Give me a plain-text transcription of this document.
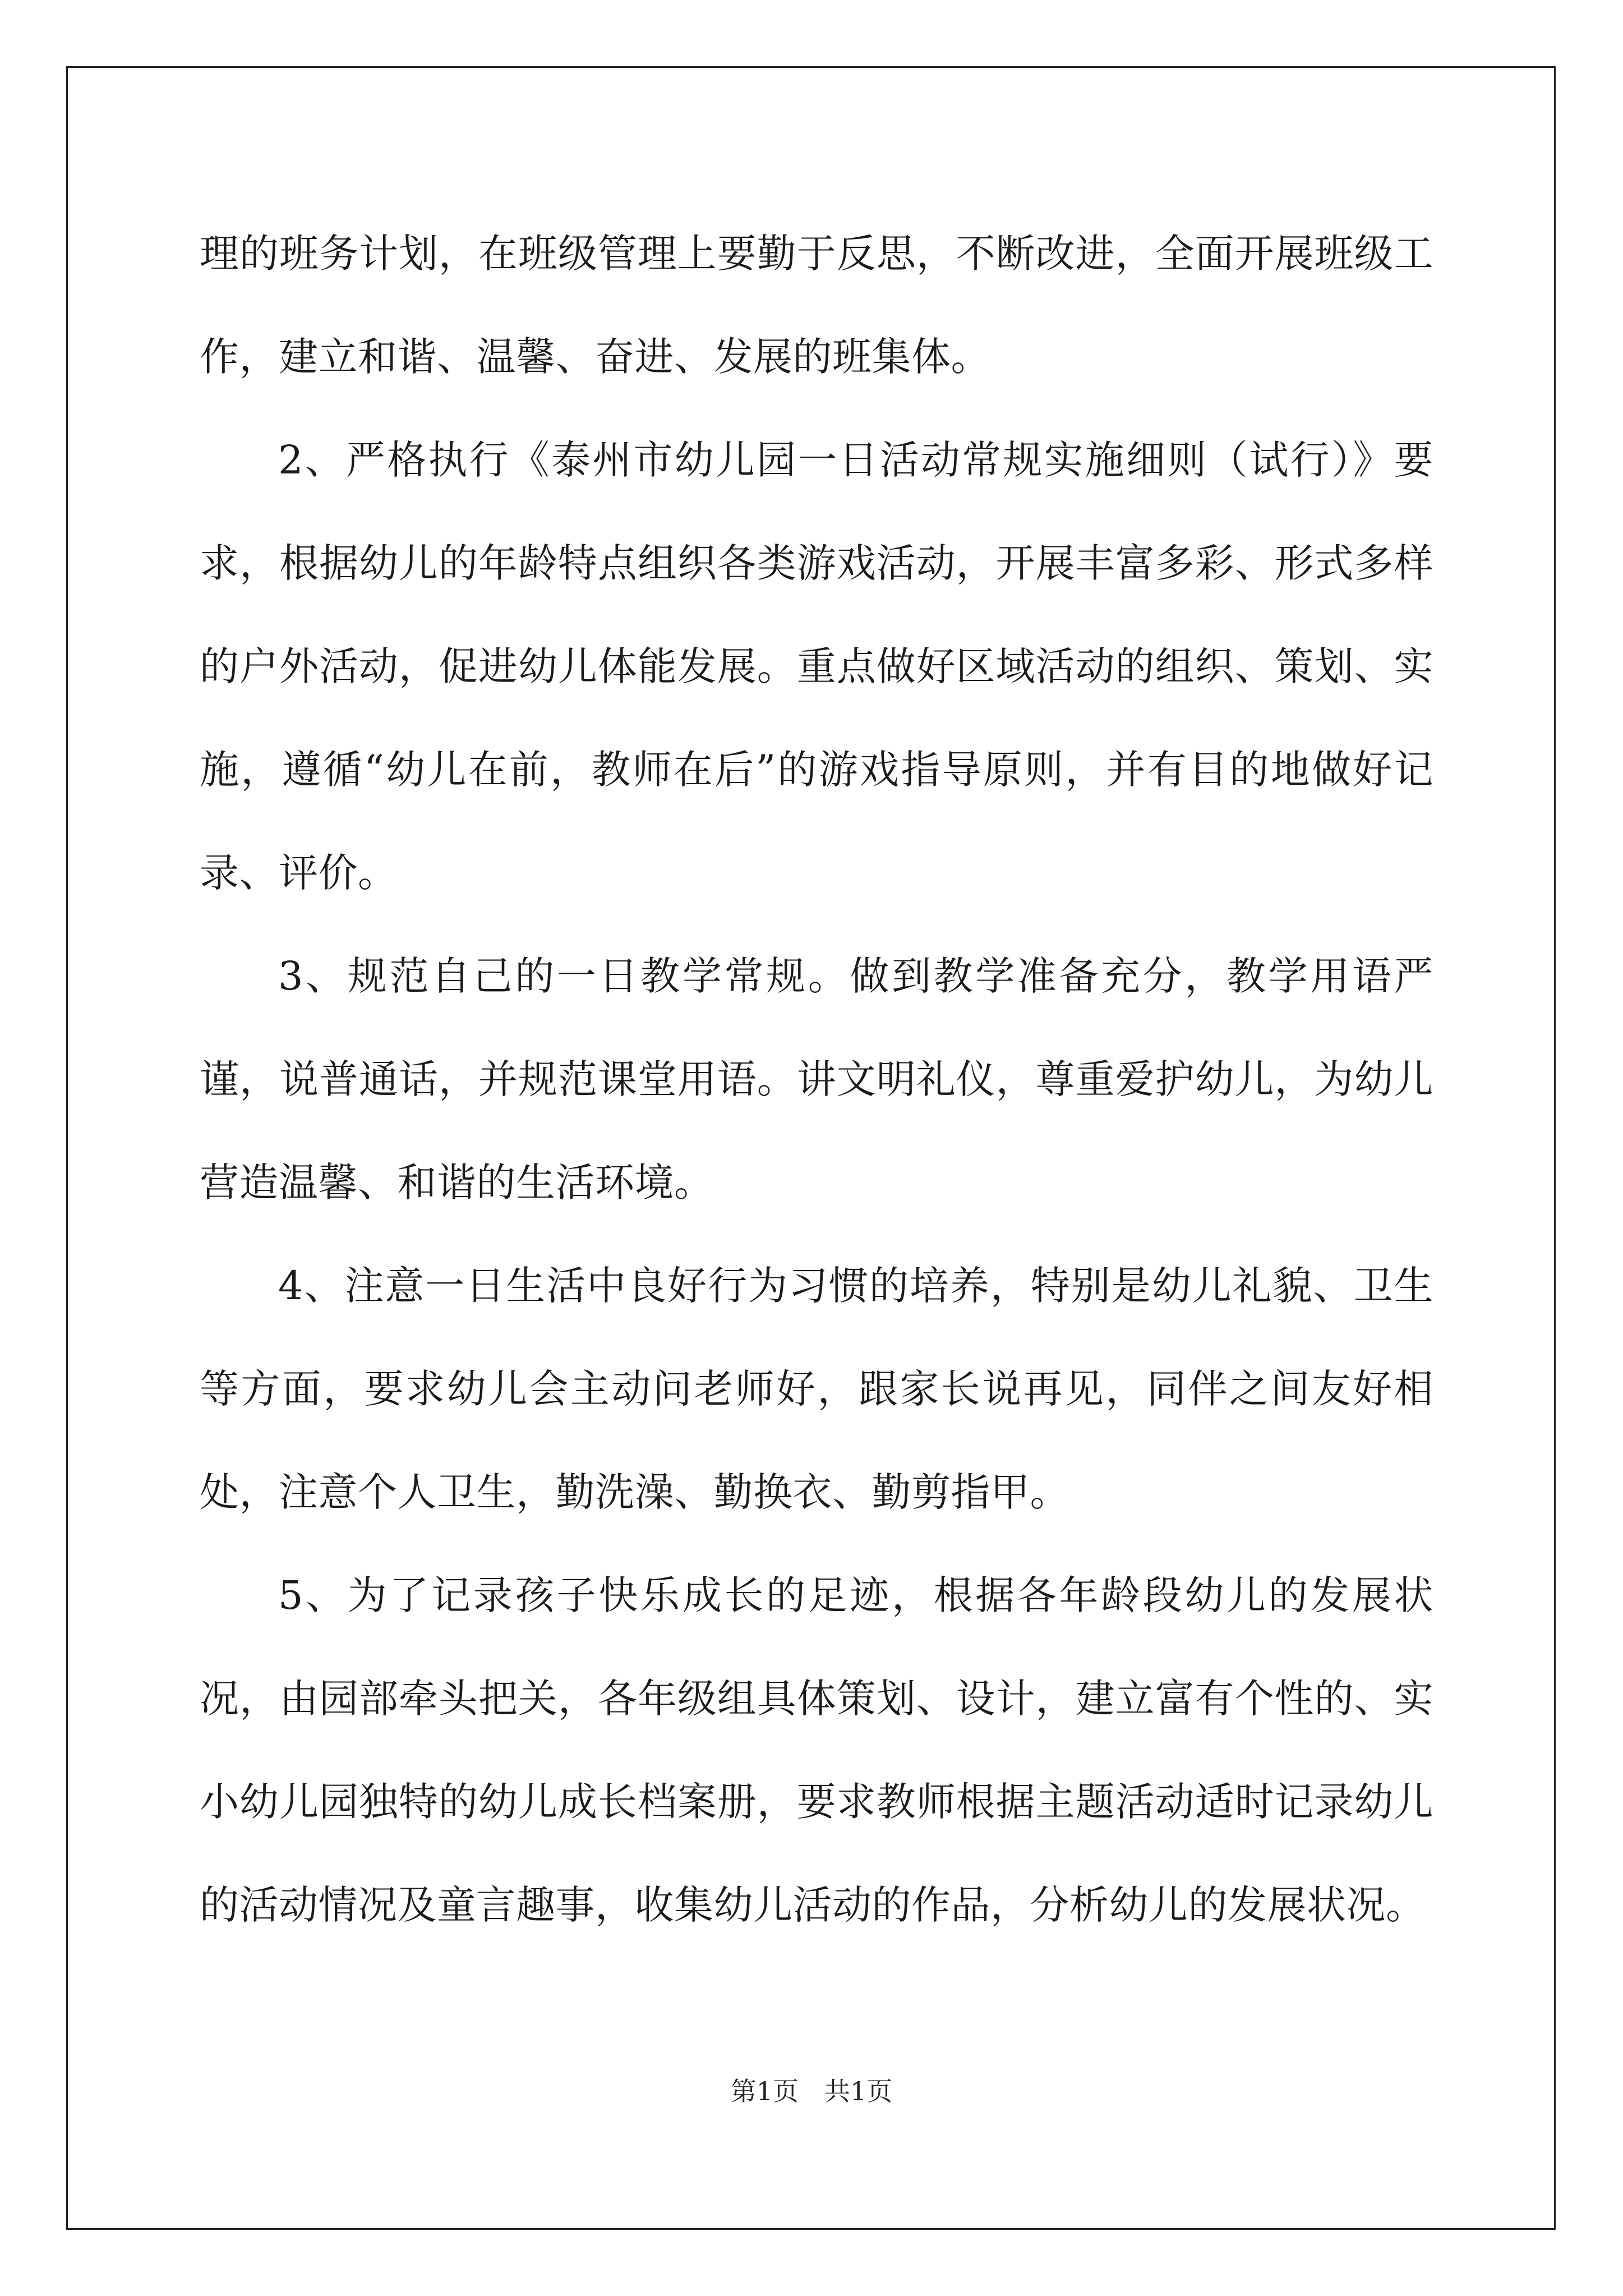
理的班务计划，在班级管理上要勤于反思，不断改进，全面开展班级工作，建立和谐、温馨、奋进、发展的班集体。

2、严格执行《泰州市幼儿园一日活动常规实施细则（试行）》要求，根据幼儿的年龄特点组织各类游戏活动，开展丰富多彩、形式多样的户外活动，促进幼儿体能发展。重点做好区域活动的组织、策划、实施，遵循“幼儿在前，教师在后”的游戏指导原则，并有目的地做好记录、评价。

3、规范自己的一日教学常规。做到教学准备充分，教学用语严谨，说普通话，并规范课堂用语。讲文明礼仪，尊重爱护幼儿，为幼儿营造温馨、和谐的生活环境。

4、注意一日生活中良好行为习惯的培养，特别是幼儿礼貌、卫生等方面，要求幼儿会主动问老师好，跟家长说再见，同伴之间友好相处，注意个人卫生，勤洗澡、勤换衣、勤剪指甲。

5、为了记录孩子快乐成长的足迹，根据各年龄段幼儿的发展状况，由园部牵头把关，各年级组具体策划、设计，建立富有个性的、实小幼儿园独特的幼儿成长档案册，要求教师根据主题活动适时记录幼儿的活动情况及童言趣事，收集幼儿活动的作品，分析幼儿的发展状况。

第1页　共1页
